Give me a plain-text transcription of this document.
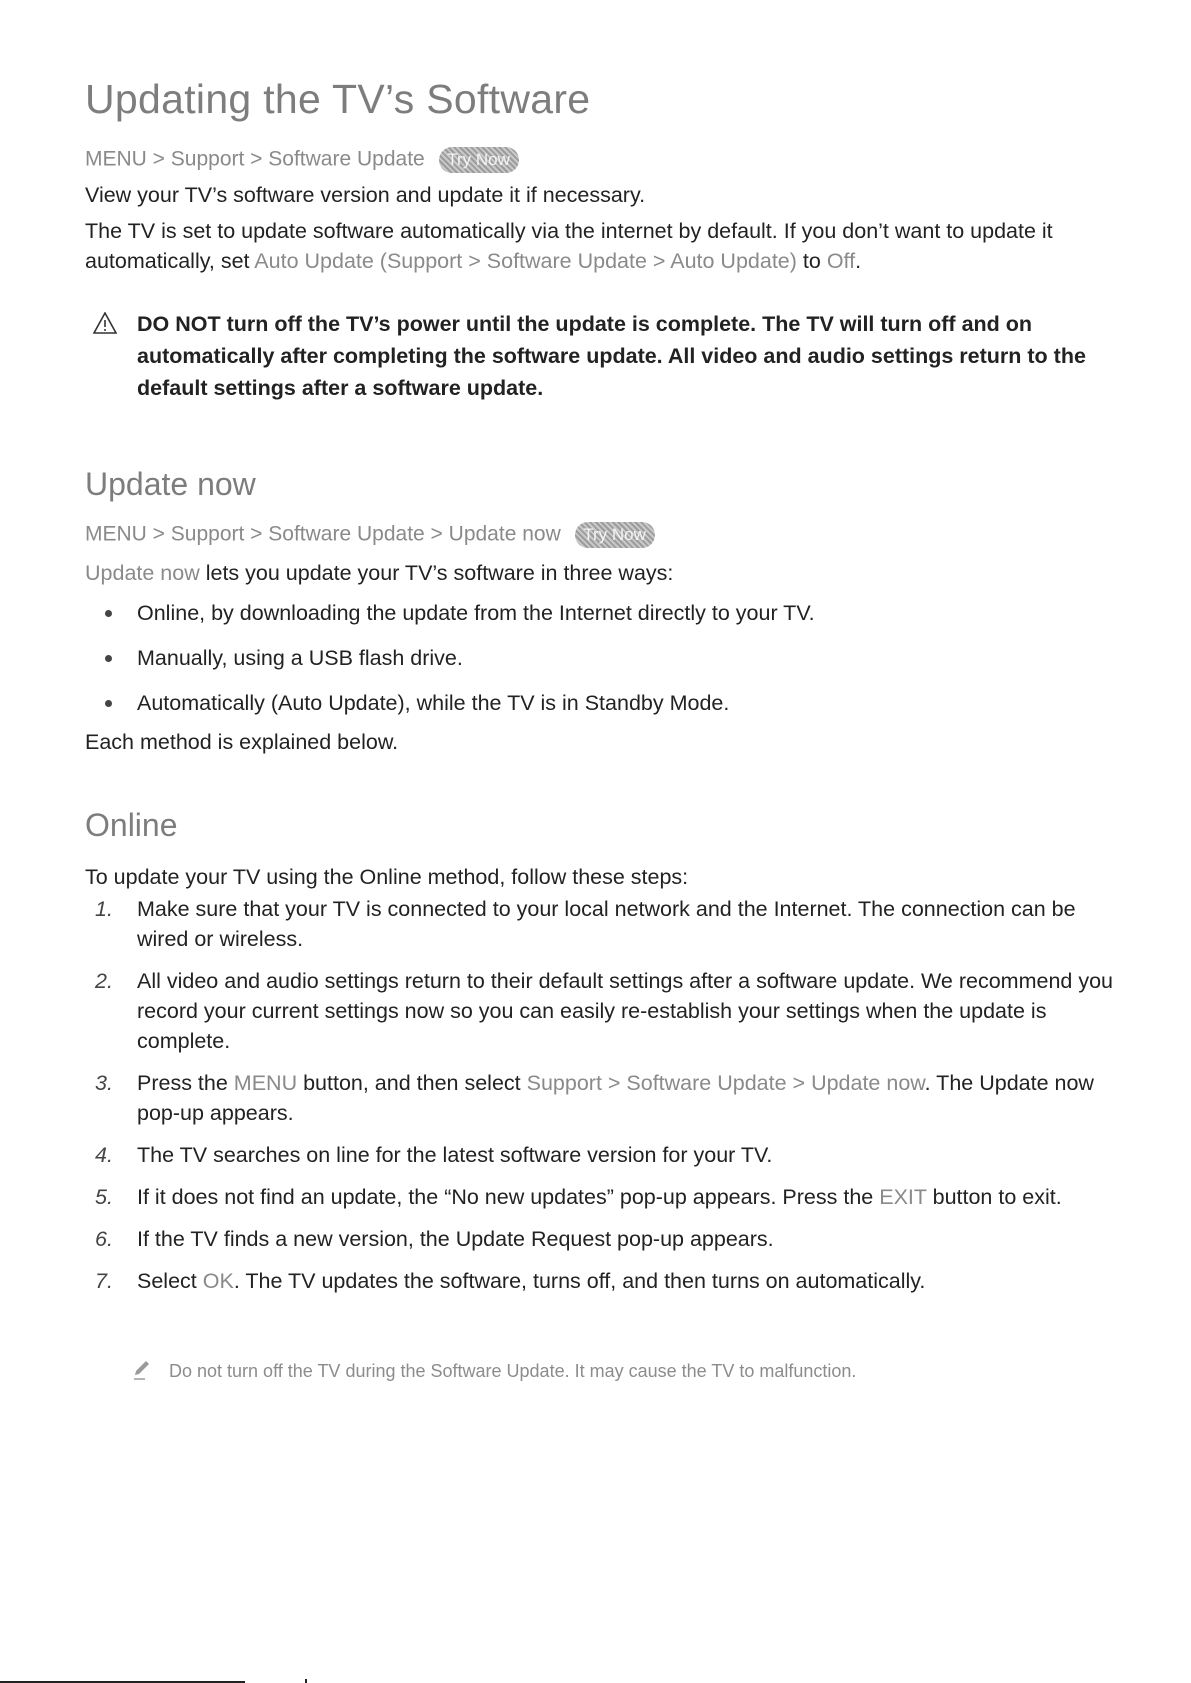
Updating the TV’s Software
MENU > Support > Software Update Try Now
View your TV’s software version and update it if necessary.
The TV is set to update software automatically via the internet by default. If you don’t want to update it automatically, set Auto Update (Support > Software Update > Auto Update) to Off.
DO NOT turn off the TV’s power until the update is complete. The TV will turn off and on automatically after completing the software update. All video and audio settings return to the default settings after a software update.
Update now
MENU > Support > Software Update > Update now Try Now
Update now lets you update your TV’s software in three ways:
Online, by downloading the update from the Internet directly to your TV.
Manually, using a USB flash drive.
Automatically (Auto Update), while the TV is in Standby Mode.
Each method is explained below.
Online
To update your TV using the Online method, follow these steps:
1. Make sure that your TV is connected to your local network and the Internet. The connection can be wired or wireless.
2. All video and audio settings return to their default settings after a software update. We recommend you record your current settings now so you can easily re-establish your settings when the update is complete.
3. Press the MENU button, and then select Support > Software Update > Update now. The Update now pop-up appears.
4. The TV searches on line for the latest software version for your TV.
5. If it does not find an update, the “No new updates” pop-up appears. Press the EXIT button to exit.
6. If the TV finds a new version, the Update Request pop-up appears.
7. Select OK. The TV updates the software, turns off, and then turns on automatically.
Do not turn off the TV during the Software Update. It may cause the TV to malfunction.
